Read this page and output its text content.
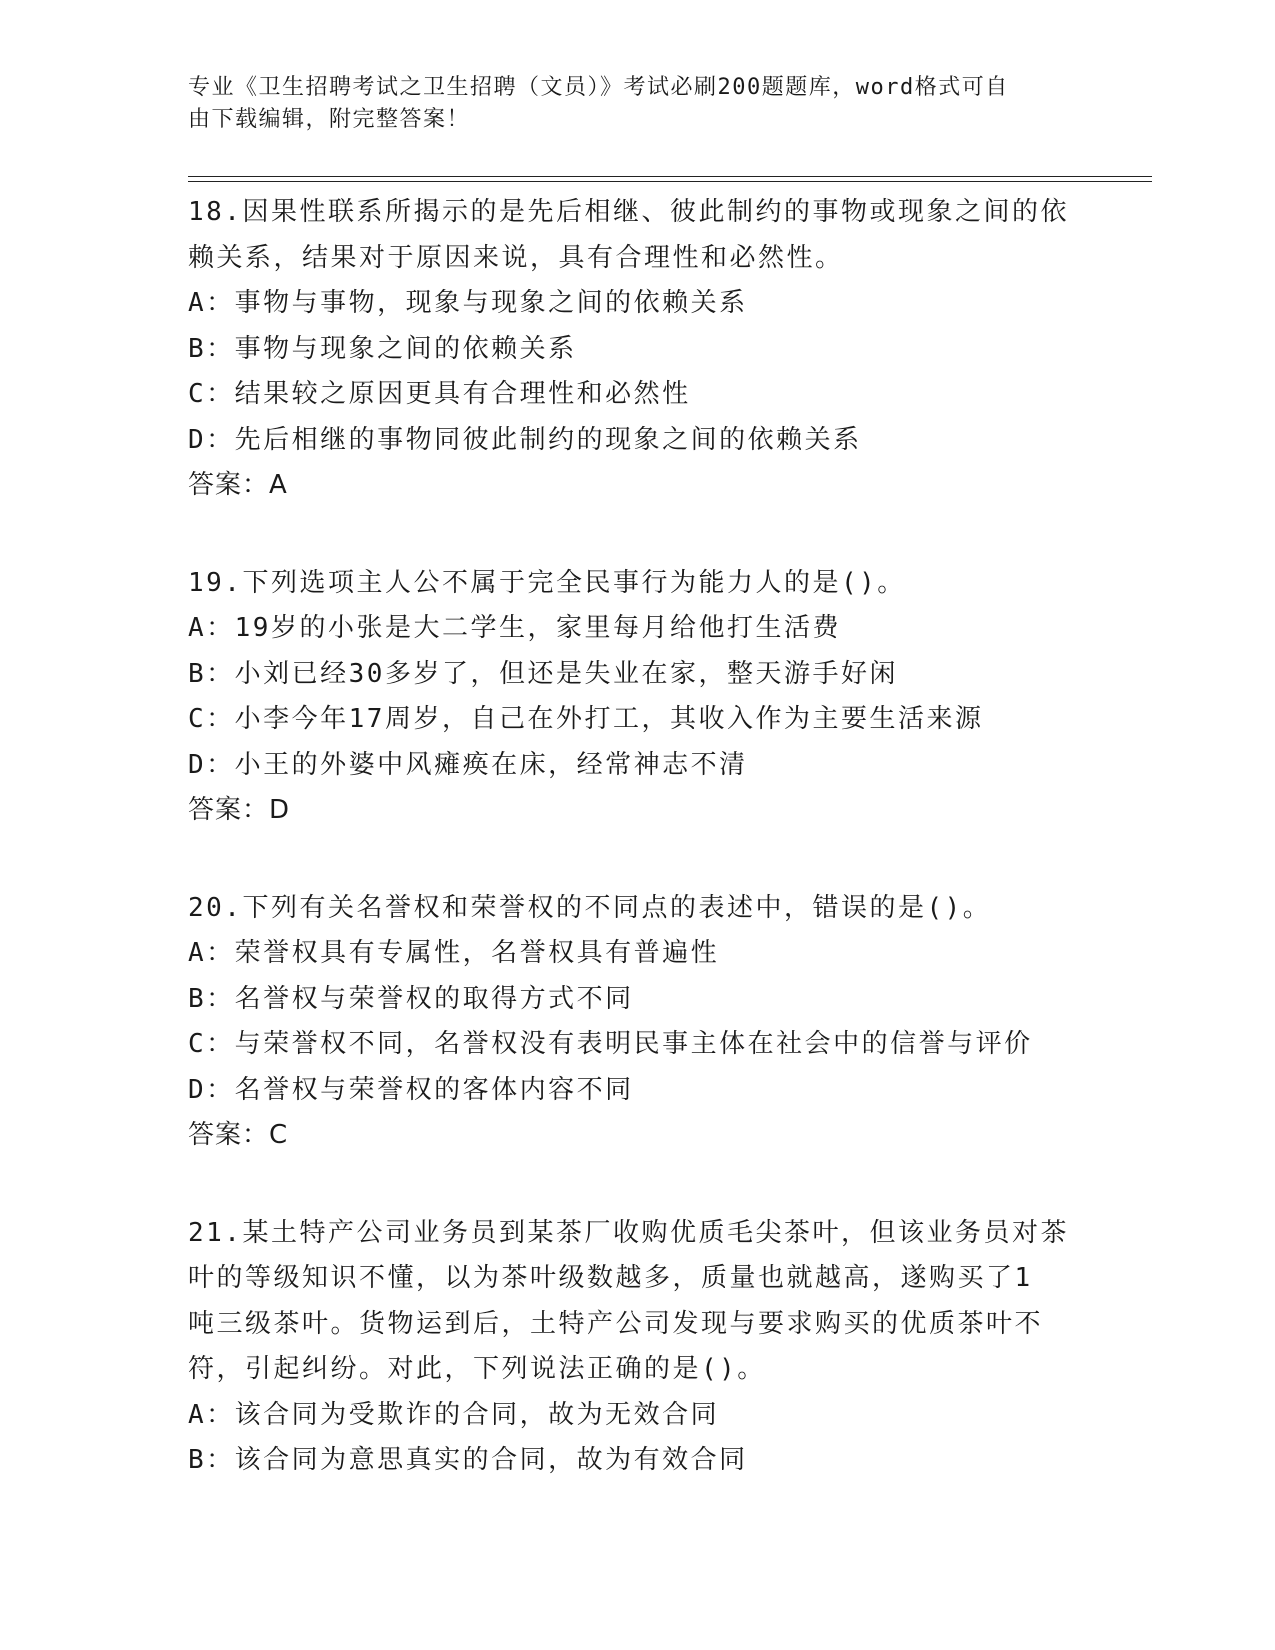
专业《卫生招聘考试之卫生招聘（文员）》考试必刷200题题库，word格式可自
由下载编辑，附完整答案！

18.因果性联系所揭示的是先后相继、彼此制约的事物或现象之间的依

赖关系，结果对于原因来说，具有合理性和必然性。

A：事物与事物，现象与现象之间的依赖关系

B：事物与现象之间的依赖关系

C：结果较之原因更具有合理性和必然性

D：先后相继的事物同彼此制约的现象之间的依赖关系

答案：A

19.下列选项主人公不属于完全民事行为能力人的是()。

A：19岁的小张是大二学生，家里每月给他打生活费

B：小刘已经30多岁了，但还是失业在家，整天游手好闲

C：小李今年17周岁，自己在外打工，其收入作为主要生活来源

D：小王的外婆中风瘫痪在床，经常神志不清

答案：D

20.下列有关名誉权和荣誉权的不同点的表述中，错误的是()。

A：荣誉权具有专属性，名誉权具有普遍性

B：名誉权与荣誉权的取得方式不同

C：与荣誉权不同，名誉权没有表明民事主体在社会中的信誉与评价

D：名誉权与荣誉权的客体内容不同

答案：C

21.某土特产公司业务员到某茶厂收购优质毛尖茶叶，但该业务员对茶

叶的等级知识不懂，以为茶叶级数越多，质量也就越高，遂购买了1

吨三级茶叶。货物运到后，土特产公司发现与要求购买的优质茶叶不

符，引起纠纷。对此，下列说法正确的是()。

A：该合同为受欺诈的合同，故为无效合同

B：该合同为意思真实的合同，故为有效合同
